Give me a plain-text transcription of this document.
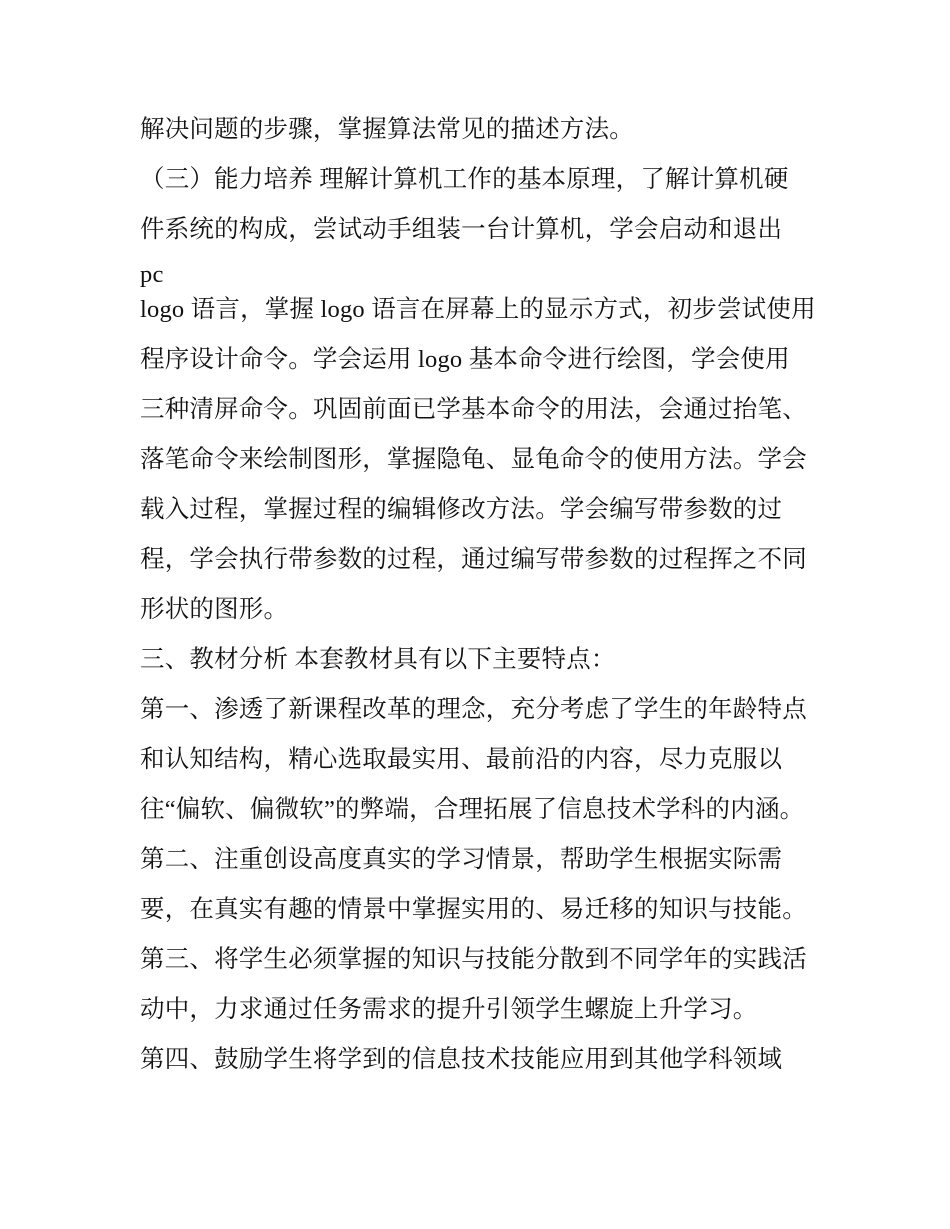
解决问题的步骤，掌握算法常见的描述方法。
（三）能力培养 理解计算机工作的基本原理，了解计算机硬
件系统的构成，尝试动手组装一台计算机，学会启动和退出
pc
logo 语言，掌握 logo 语言在屏幕上的显示方式，初步尝试使用
程序设计命令。学会运用 logo 基本命令进行绘图，学会使用
三种清屏命令。巩固前面已学基本命令的用法，会通过抬笔、
落笔命令来绘制图形，掌握隐龟、显龟命令的使用方法。学会
载入过程，掌握过程的编辑修改方法。学会编写带参数的过
程，学会执行带参数的过程，通过编写带参数的过程挥之不同
形状的图形。
三、教材分析 本套教材具有以下主要特点：
第一、渗透了新课程改革的理念，充分考虑了学生的年龄特点
和认知结构，精心选取最实用、最前沿的内容，尽力克服以
往“偏软、偏微软”的弊端，合理拓展了信息技术学科的内涵。
第二、注重创设高度真实的学习情景，帮助学生根据实际需
要，在真实有趣的情景中掌握实用的、易迁移的知识与技能。
第三、将学生必须掌握的知识与技能分散到不同学年的实践活
动中，力求通过任务需求的提升引领学生螺旋上升学习。
第四、鼓励学生将学到的信息技术技能应用到其他学科领域
